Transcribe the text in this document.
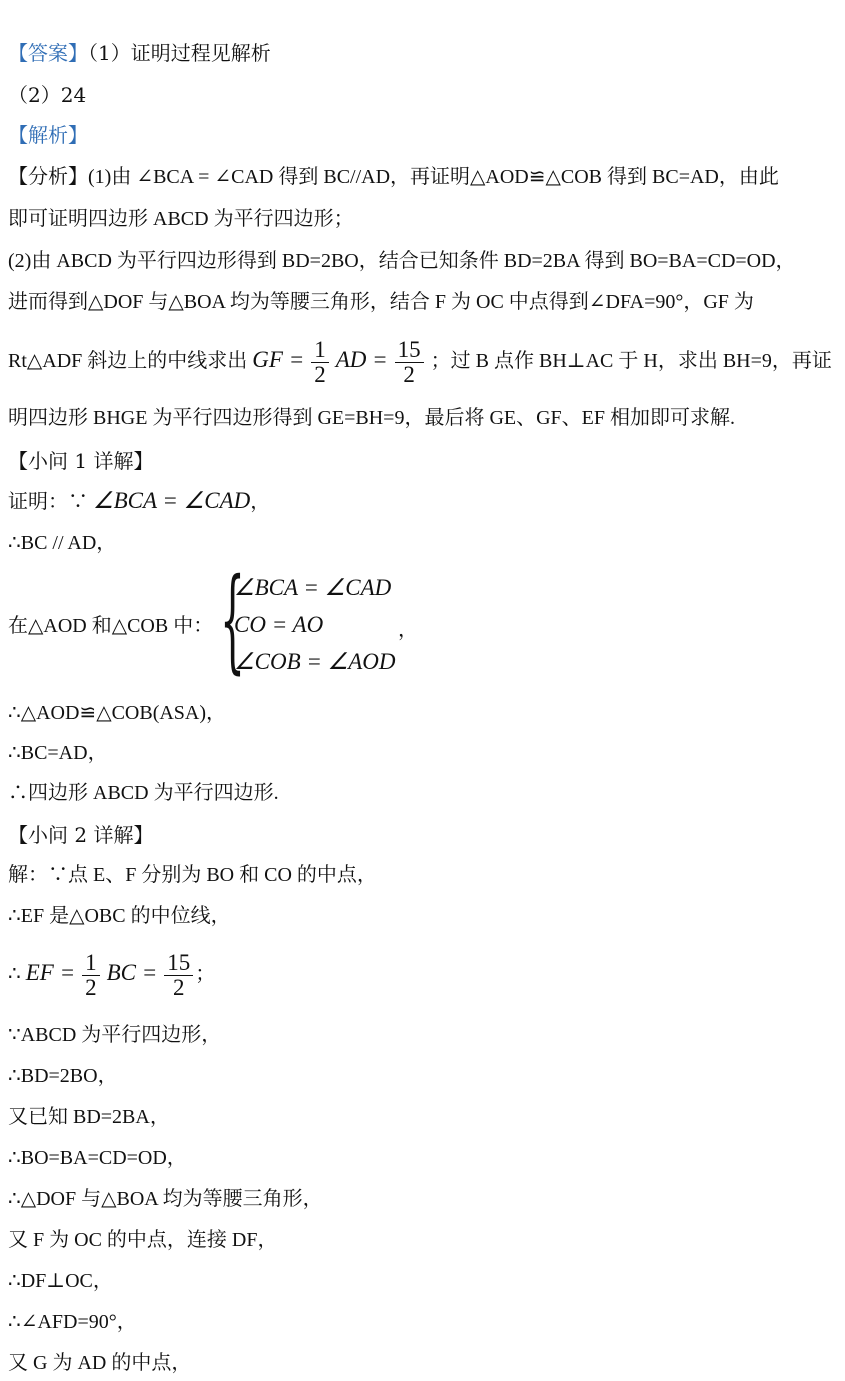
【答案】（1）证明过程见解析
（2）24
【解析】
【分析】(1)由 ∠BCA = ∠CAD 得到 BC//AD，再证明△AOD≌△COB 得到 BC=AD，由此
即可证明四边形 ABCD 为平行四边形；
(2)由 ABCD 为平行四边形得到 BD=2BO，结合已知条件 BD=2BA 得到 BO=BA=CD=OD，
进而得到△DOF 与△BOA 均为等腰三角形，结合 F 为 OC 中点得到∠DFA=90°，GF 为
Rt△ADF 斜边上的中线求出 GF = $\frac{1}{2}$ AD = $\frac{15}{2}$ ；过 B 点作 BH⊥AC 于 H，求出 BH=9，再证
明四边形 BHGE 为平行四边形得到 GE=BH=9，最后将 GE、GF、EF 相加即可求解.
【小问 1 详解】
证明：∵ ∠BCA = ∠CAD，
∴BC // AD，
在△AOD 和△COB 中： {
∠BCA = ∠CAD
CO = AO
∠COB = ∠AOD
，
∴△AOD≌△COB(ASA)，
∴BC=AD，
∴四边形 ABCD 为平行四边形.
【小问 2 详解】
解：∵点 E、F 分别为 BO 和 CO 的中点，
∴EF 是△OBC 的中位线，
∴ EF = $\frac{1}{2}$ BC = $\frac{15}{2}$ ；
∵ABCD 为平行四边形，
∴BD=2BO，
又已知 BD=2BA，
∴BO=BA=CD=OD，
∴△DOF 与△BOA 均为等腰三角形，
又 F 为 OC 的中点，连接 DF，
∴DF⊥OC，
∴∠AFD=90°，
又 G 为 AD 的中点，
